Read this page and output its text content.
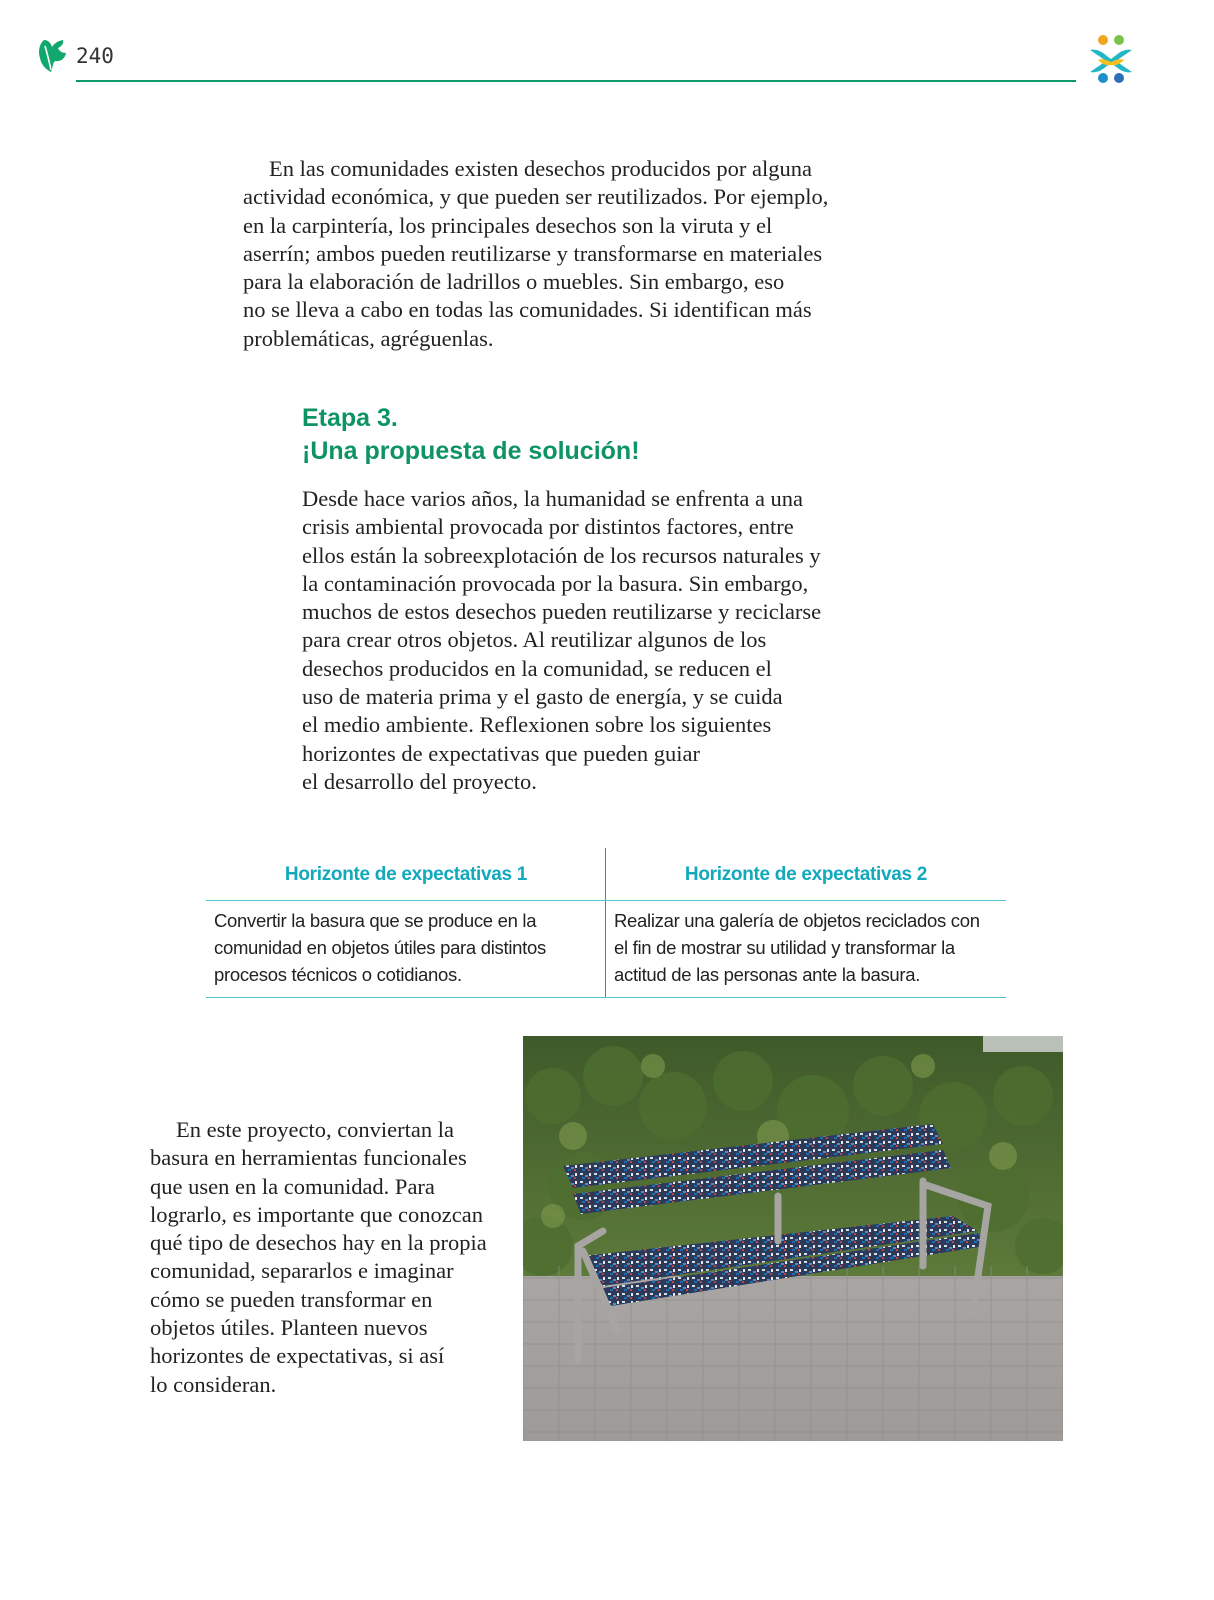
240
En las comunidades existen desechos producidos por alguna
actividad económica, y que pueden ser reutilizados. Por ejemplo,
en la carpintería, los principales desechos son la viruta y el
aserrín; ambos pueden reutilizarse y transformarse en materiales
para la elaboración de ladrillos o muebles. Sin embargo, eso
no se lleva a cabo en todas las comunidades. Si identifican más
problemáticas, agréguenlas.
Etapa 3.
¡Una propuesta de solución!
Desde hace varios años, la humanidad se enfrenta a una
crisis ambiental provocada por distintos factores, entre
ellos están la sobreexplotación de los recursos naturales y
la contaminación provocada por la basura. Sin embargo,
muchos de estos desechos pueden reutilizarse y reciclarse
para crear otros objetos. Al reutilizar algunos de los
desechos producidos en la comunidad, se reducen el
uso de materia prima y el gasto de energía, y se cuida
el medio ambiente. Reflexionen sobre los siguientes
horizontes de expectativas que pueden guiar
el desarrollo del proyecto.
Horizonte de expectativas 1
Convertir la basura que se produce en la
comunidad en objetos útiles para distintos
procesos técnicos o cotidianos.
Horizonte de expectativas 2
Realizar una galería de objetos reciclados con
el fin de mostrar su utilidad y transformar la
actitud de las personas ante la basura.
En este proyecto, conviertan la
basura en herramientas funcionales
que usen en la comunidad. Para
lograrlo, es importante que conozcan
qué tipo de desechos hay en la propia
comunidad, separarlos e imaginar
cómo se pueden transformar en
objetos útiles. Planteen nuevos
horizontes de expectativas, si así
lo consideran.
